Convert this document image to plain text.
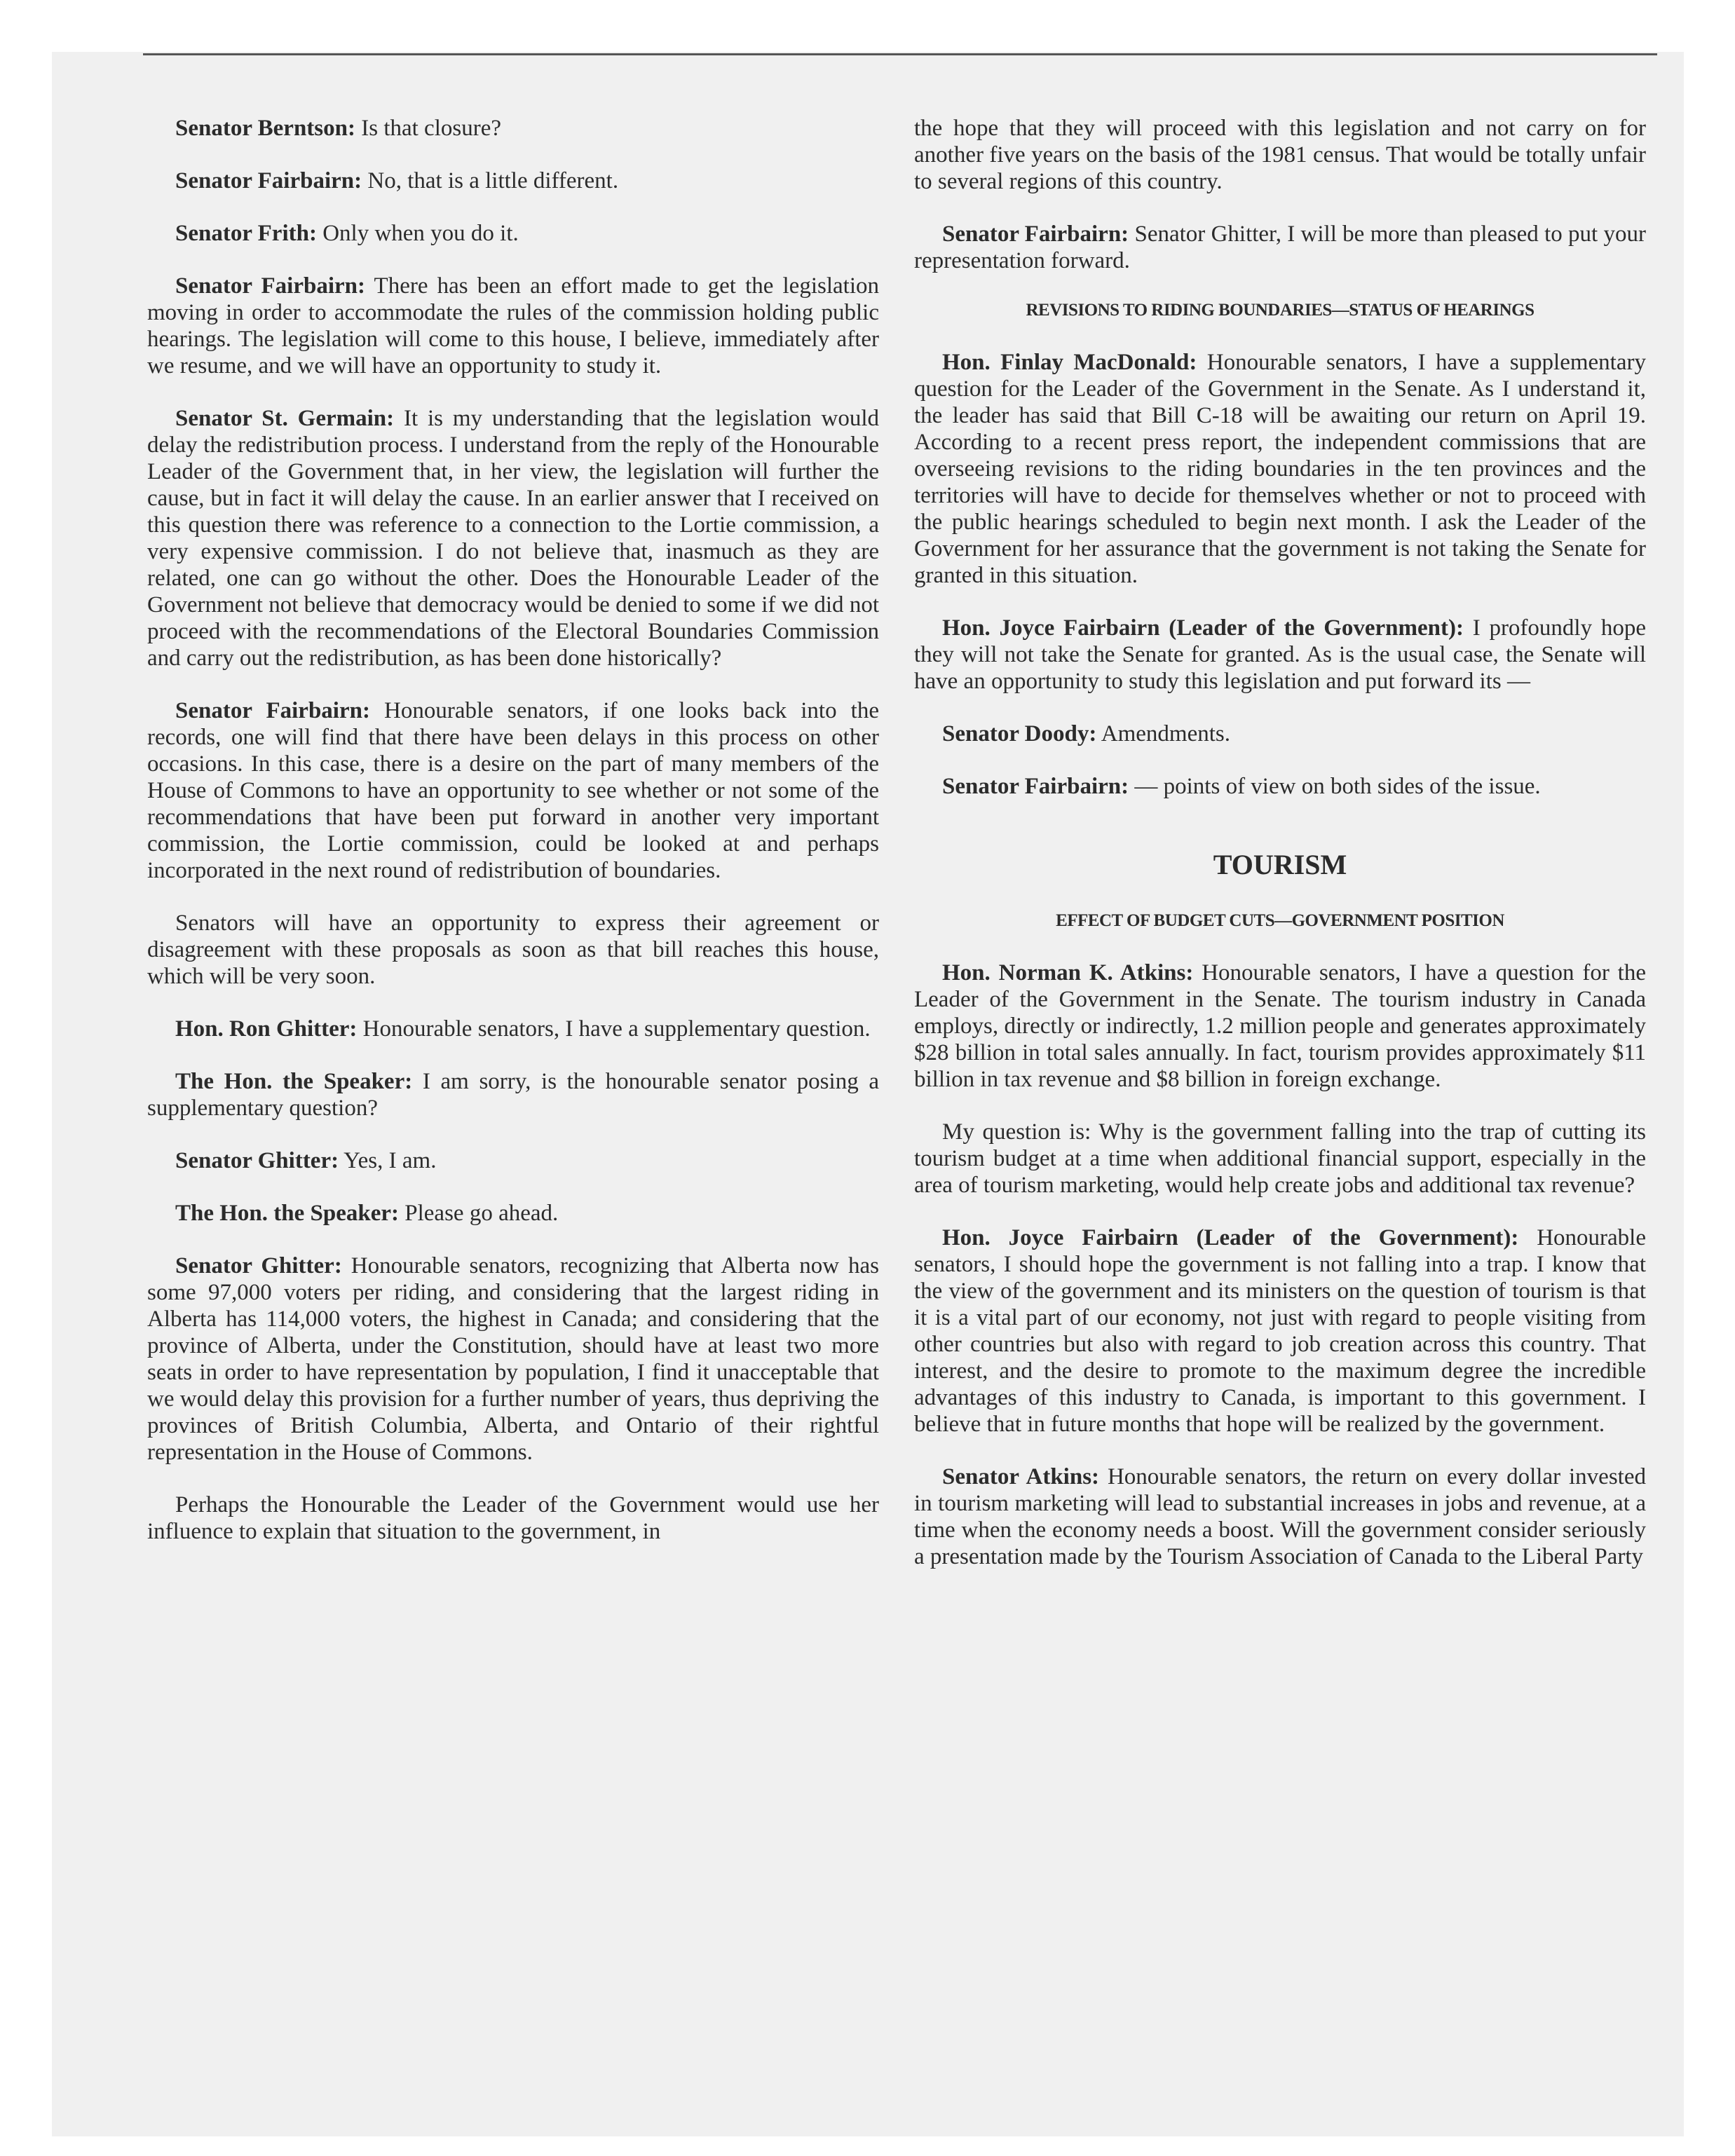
Senator Berntson: Is that closure?

Senator Fairbairn: No, that is a little different.

Senator Frith: Only when you do it.

Senator Fairbairn: There has been an effort made to get the legislation moving in order to accommodate the rules of the commission holding public hearings. The legislation will come to this house, I believe, immediately after we resume, and we will have an opportunity to study it.

Senator St. Germain: It is my understanding that the legislation would delay the redistribution process. I understand from the reply of the Honourable Leader of the Government that, in her view, the legislation will further the cause, but in fact it will delay the cause. In an earlier answer that I received on this question there was reference to a connection to the Lortie commission, a very expensive commission. I do not believe that, inasmuch as they are related, one can go without the other. Does the Honourable Leader of the Government not believe that democracy would be denied to some if we did not proceed with the recommendations of the Electoral Boundaries Commission and carry out the redistribution, as has been done historically?

Senator Fairbairn: Honourable senators, if one looks back into the records, one will find that there have been delays in this process on other occasions. In this case, there is a desire on the part of many members of the House of Commons to have an opportunity to see whether or not some of the recommendations that have been put forward in another very important commission, the Lortie commission, could be looked at and perhaps incorporated in the next round of redistribution of boundaries.

Senators will have an opportunity to express their agreement or disagreement with these proposals as soon as that bill reaches this house, which will be very soon.

Hon. Ron Ghitter: Honourable senators, I have a supplementary question.

The Hon. the Speaker: I am sorry, is the honourable senator posing a supplementary question?

Senator Ghitter: Yes, I am.

The Hon. the Speaker: Please go ahead.

Senator Ghitter: Honourable senators, recognizing that Alberta now has some 97,000 voters per riding, and considering that the largest riding in Alberta has 114,000 voters, the highest in Canada; and considering that the province of Alberta, under the Constitution, should have at least two more seats in order to have representation by population, I find it unacceptable that we would delay this provision for a further number of years, thus depriving the provinces of British Columbia, Alberta, and Ontario of their rightful representation in the House of Commons.

Perhaps the Honourable the Leader of the Government would use her influence to explain that situation to the government, in

the hope that they will proceed with this legislation and not carry on for another five years on the basis of the 1981 census. That would be totally unfair to several regions of this country.

Senator Fairbairn: Senator Ghitter, I will be more than pleased to put your representation forward.

REVISIONS TO RIDING BOUNDARIES—STATUS OF HEARINGS

Hon. Finlay MacDonald: Honourable senators, I have a supplementary question for the Leader of the Government in the Senate. As I understand it, the leader has said that Bill C-18 will be awaiting our return on April 19. According to a recent press report, the independent commissions that are overseeing revisions to the riding boundaries in the ten provinces and the territories will have to decide for themselves whether or not to proceed with the public hearings scheduled to begin next month. I ask the Leader of the Government for her assurance that the government is not taking the Senate for granted in this situation.

Hon. Joyce Fairbairn (Leader of the Government): I profoundly hope they will not take the Senate for granted. As is the usual case, the Senate will have an opportunity to study this legislation and put forward its —

Senator Doody: Amendments.

Senator Fairbairn: — points of view on both sides of the issue.

TOURISM
EFFECT OF BUDGET CUTS—GOVERNMENT POSITION

Hon. Norman K. Atkins: Honourable senators, I have a question for the Leader of the Government in the Senate. The tourism industry in Canada employs, directly or indirectly, 1.2 million people and generates approximately $28 billion in total sales annually. In fact, tourism provides approximately $11 billion in tax revenue and $8 billion in foreign exchange.

My question is: Why is the government falling into the trap of cutting its tourism budget at a time when additional financial support, especially in the area of tourism marketing, would help create jobs and additional tax revenue?

Hon. Joyce Fairbairn (Leader of the Government): Honourable senators, I should hope the government is not falling into a trap. I know that the view of the government and its ministers on the question of tourism is that it is a vital part of our economy, not just with regard to people visiting from other countries but also with regard to job creation across this country. That interest, and the desire to promote to the maximum degree the incredible advantages of this industry to Canada, is important to this government. I believe that in future months that hope will be realized by the government.

Senator Atkins: Honourable senators, the return on every dollar invested in tourism marketing will lead to substantial increases in jobs and revenue, at a time when the economy needs a boost. Will the government consider seriously a presentation made by the Tourism Association of Canada to the Liberal Party
